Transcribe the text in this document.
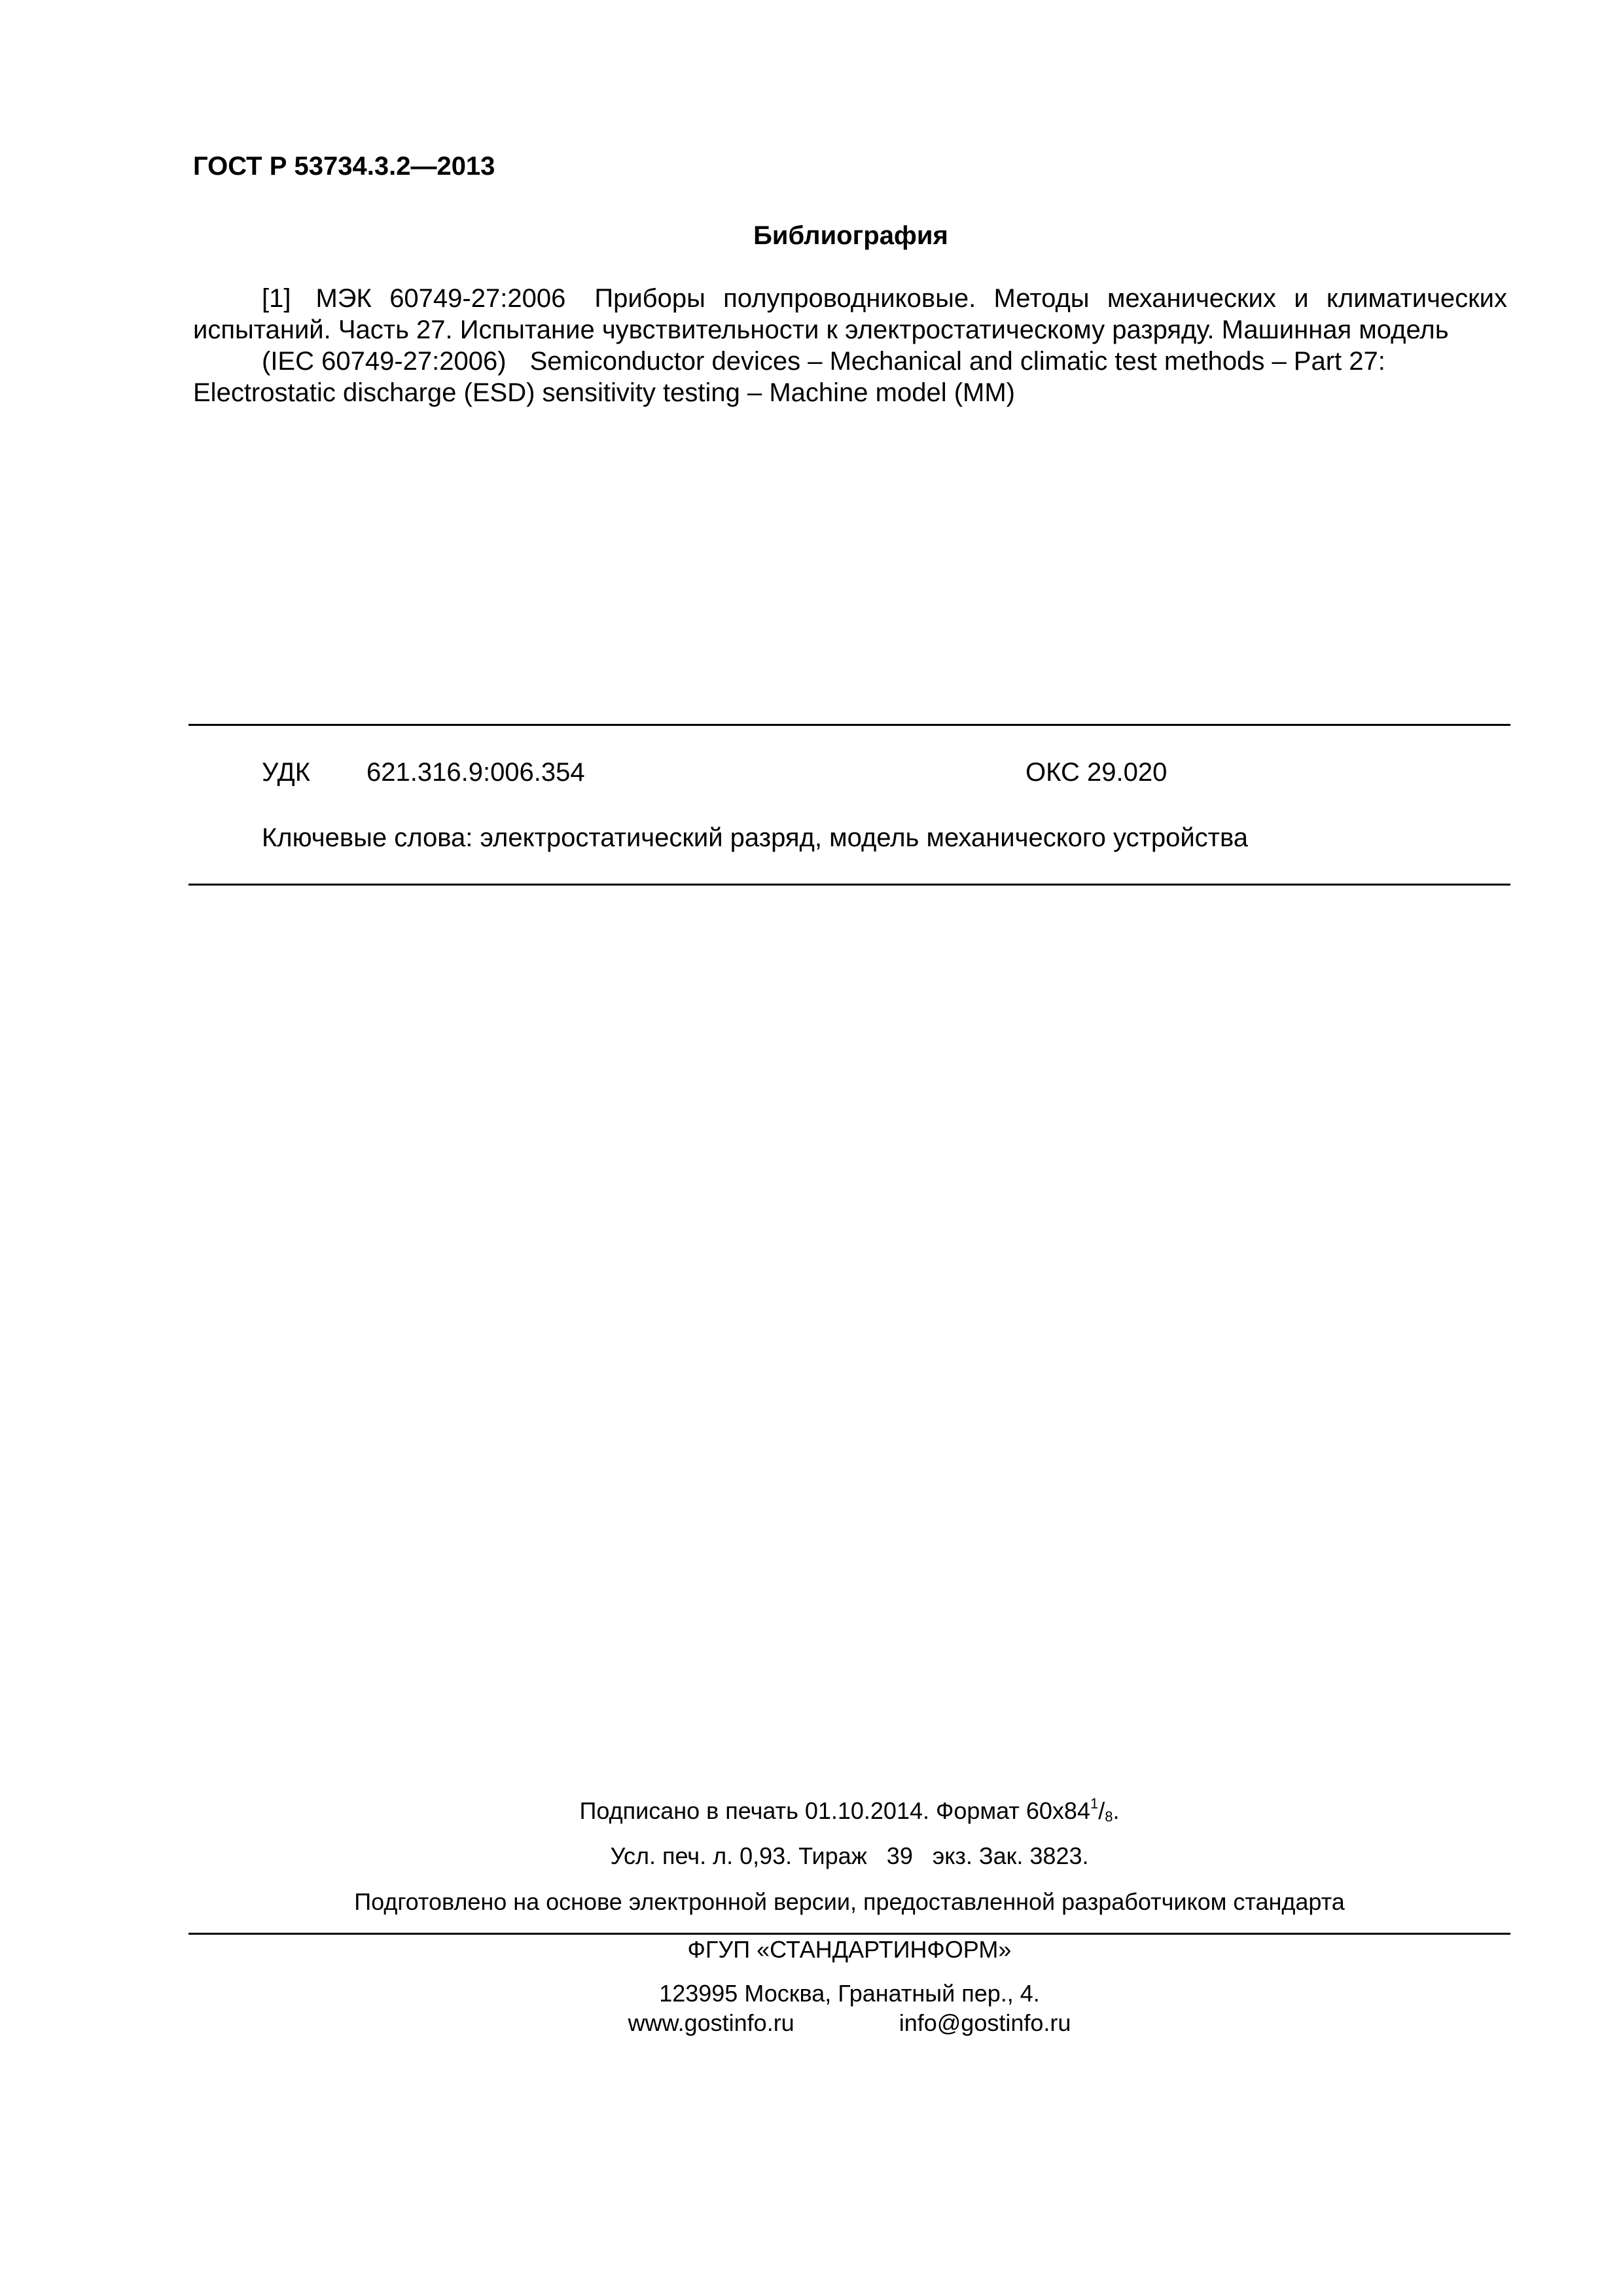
ГОСТ Р 53734.3.2—2013
Библиография

[1] МЭК 60749-27:2006 Приборы полупроводниковые. Методы механических и климатических испытаний. Часть 27. Испытание чувствительности к электростатическому разряду. Машинная модель

(IEC 60749-27:2006) Semiconductor devices – Mechanical and climatic test methods – Part 27: Electrostatic discharge (ESD) sensitivity testing – Machine model (MM)

УДК 621.316.9:006.354	ОКС 29.020
Ключевые слова: электростатический разряд, модель механического устройства
Подписано в печать 01.10.2014. Формат $60х84^1/_8$.
Усл. печ. л. 0,93. Тираж   39   экз. Зак. 3823.
Подготовлено на основе электронной версии, предоставленной разработчиком стандарта
ФГУП «СТАНДАРТИНФОРМ»
123995 Москва, Гранатный пер., 4.
www.gostinfo.ru	info@gostinfo.ru
